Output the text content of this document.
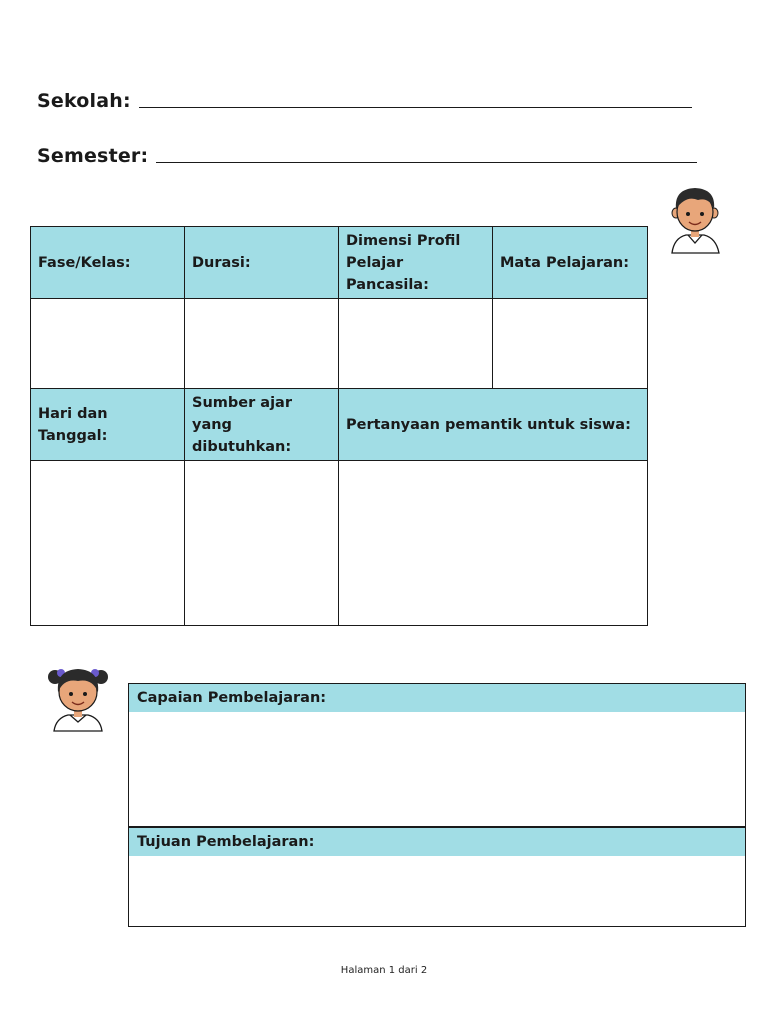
Sekolah:
Semester:
Fase/Kelas:	Durasi:	Dimensi Profil Pelajar Pancasila:	Mata Pelajaran:

Hari dan Tanggal:	Sumber ajar yang dibutuhkan:	Pertanyaan pemantik untuk siswa:	

Capaian Pembelajaran:

Tujuan Pembelajaran:

Halaman 1 dari 2
